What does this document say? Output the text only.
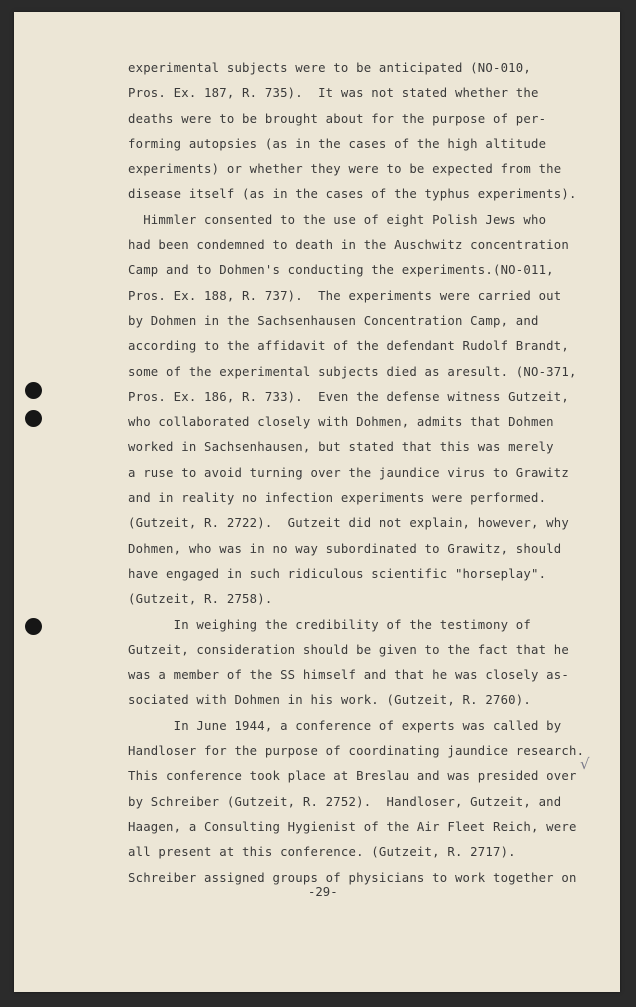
experimental subjects were to be anticipated (NO-010,
Pros. Ex. 187, R. 735).  It was not stated whether the
deaths were to be brought about for the purpose of per-
forming autopsies (as in the cases of the high altitude
experiments) or whether they were to be expected from the
disease itself (as in the cases of the typhus experiments).
Himmler consented to the use of eight Polish Jews who
had been condemned to death in the Auschwitz concentration
Camp and to Dohmen's conducting the experiments.(NO-011,
Pros. Ex. 188, R. 737).  The experiments were carried out
by Dohmen in the Sachsenhausen Concentration Camp, and
according to the affidavit of the defendant Rudolf Brandt,
some of the experimental subjects died as aresult. (NO-371,
Pros. Ex. 186, R. 733).  Even the defense witness Gutzeit,
who collaborated closely with Dohmen, admits that Dohmen
worked in Sachsenhausen, but stated that this was merely
a ruse to avoid turning over the jaundice virus to Grawitz
and in reality no infection experiments were performed.
(Gutzeit, R. 2722).  Gutzeit did not explain, however, why
Dohmen, who was in no way subordinated to Grawitz, should
have engaged in such ridiculous scientific "horseplay".
(Gutzeit, R. 2758).
In weighing the credibility of the testimony of
Gutzeit, consideration should be given to the fact that he
was a member of the SS himself and that he was closely as-
sociated with Dohmen in his work. (Gutzeit, R. 2760).
In June 1944, a conference of experts was called by
Handloser for the purpose of coordinating jaundice research.
This conference took place at Breslau and was presided over
by Schreiber (Gutzeit, R. 2752).  Handloser, Gutzeit, and
Haagen, a Consulting Hygienist of the Air Fleet Reich, were
all present at this conference. (Gutzeit, R. 2717).
Schreiber assigned groups of physicians to work together on
√
-29-
